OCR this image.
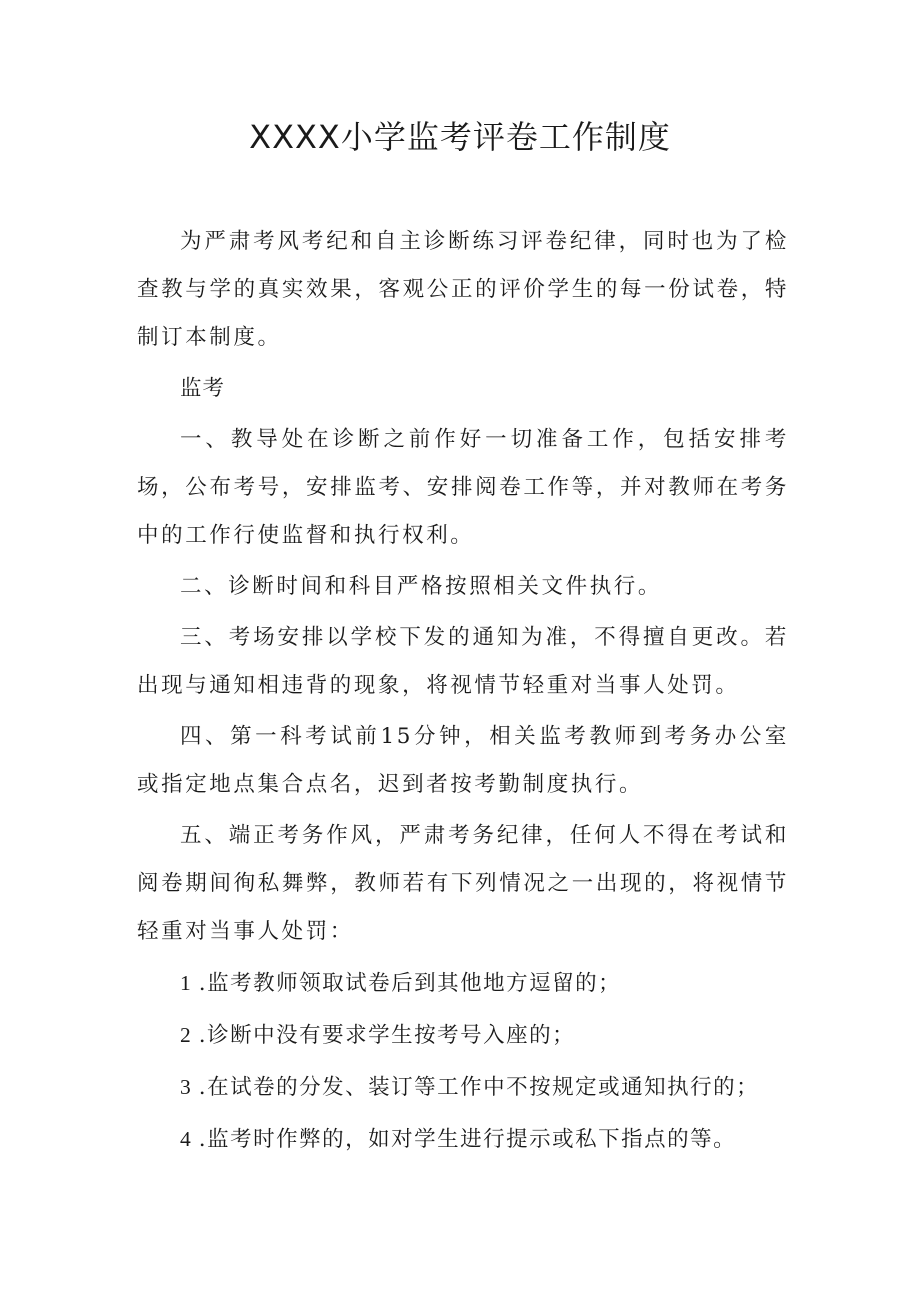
XXXX小学监考评卷工作制度

为严肃考风考纪和自主诊断练习评卷纪律，同时也为了检查教与学的真实效果，客观公正的评价学生的每一份试卷，特制订本制度。

监考

一、教导处在诊断之前作好一切准备工作，包括安排考场，公布考号，安排监考、安排阅卷工作等，并对教师在考务中的工作行使监督和执行权利。

二、诊断时间和科目严格按照相关文件执行。

三、考场安排以学校下发的通知为准，不得擅自更改。若出现与通知相违背的现象，将视情节轻重对当事人处罚。

四、第一科考试前15分钟，相关监考教师到考务办公室或指定地点集合点名，迟到者按考勤制度执行。

五、端正考务作风，严肃考务纪律，任何人不得在考试和阅卷期间徇私舞弊，教师若有下列情况之一出现的，将视情节轻重对当事人处罚：

1 .监考教师领取试卷后到其他地方逗留的；

2 .诊断中没有要求学生按考号入座的；

3 .在试卷的分发、装订等工作中不按规定或通知执行的；

4 .监考时作弊的，如对学生进行提示或私下指点的等。
